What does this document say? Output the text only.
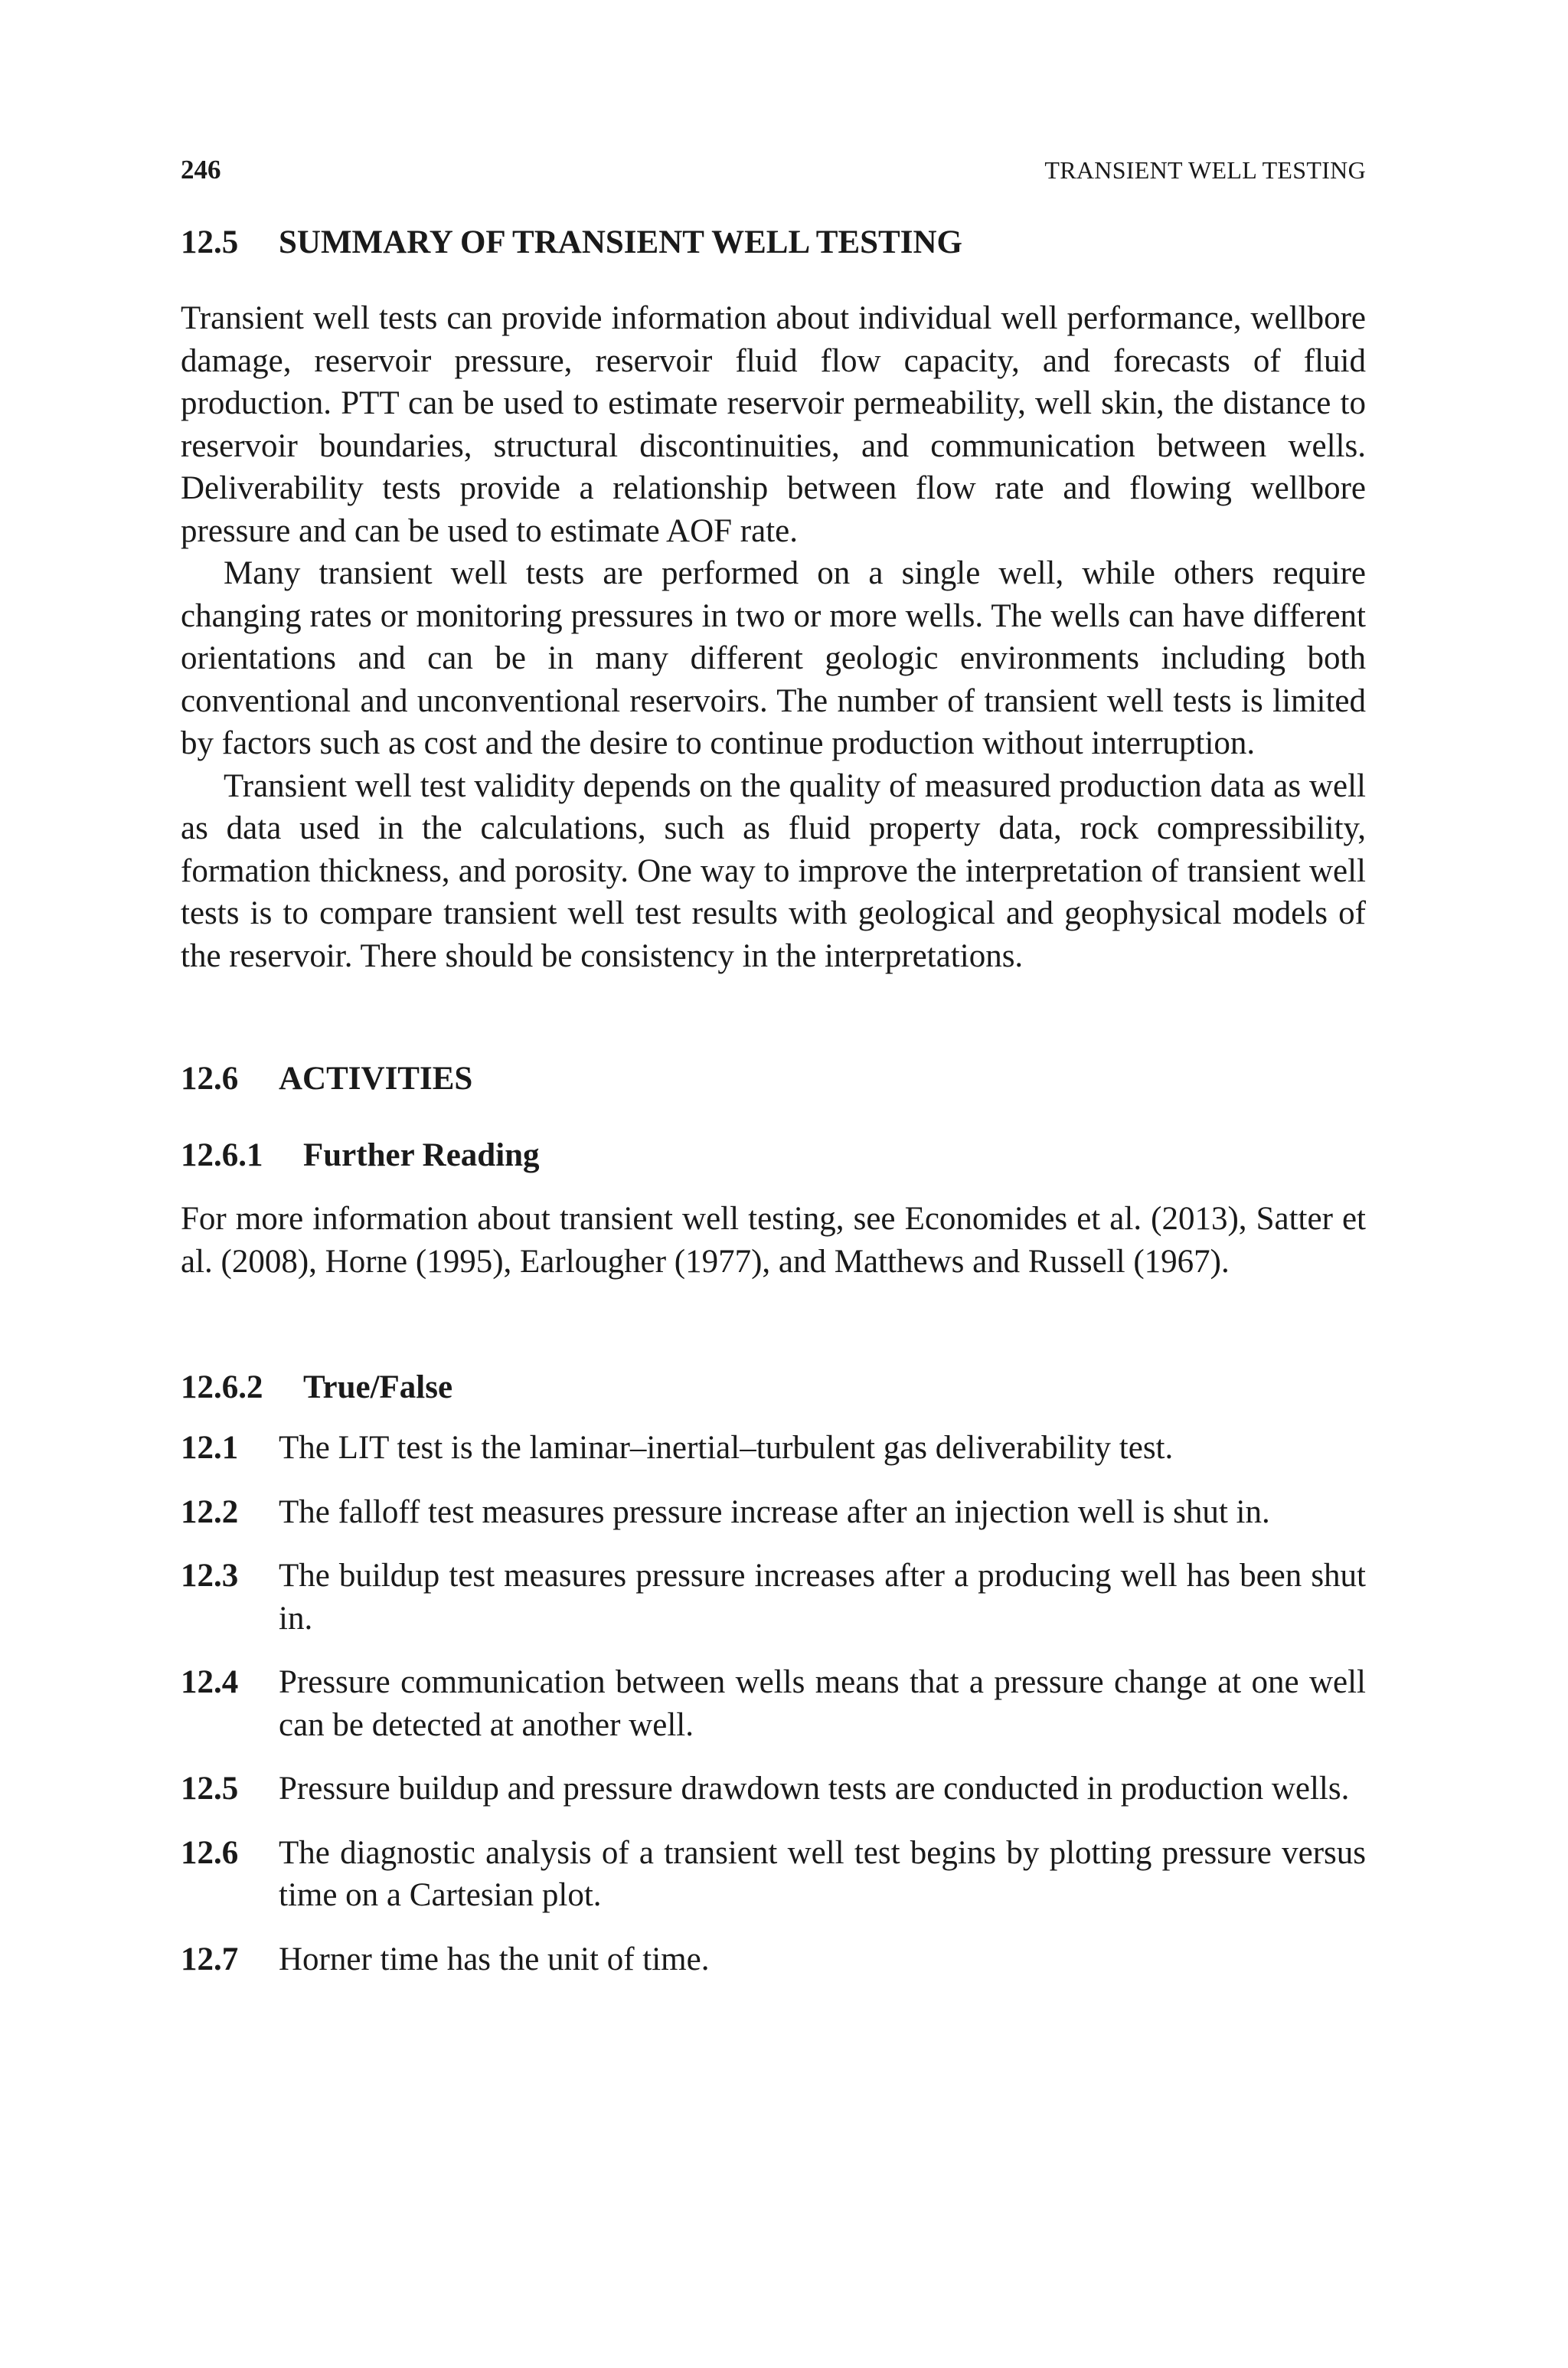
246	TRANSIENT WELL TESTING
12.5	SUMMARY OF TRANSIENT WELL TESTING

Transient well tests can provide information about individual well performance, wellbore damage, reservoir pressure, reservoir fluid flow capacity, and forecasts of fluid production. PTT can be used to estimate reservoir permeability, well skin, the distance to reservoir boundaries, structural discontinuities, and communication between wells. Deliverability tests provide a relationship between flow rate and flowing wellbore pressure and can be used to estimate AOF rate.

Many transient well tests are performed on a single well, while others require changing rates or monitoring pressures in two or more wells. The wells can have different orientations and can be in many different geologic environments including both conventional and unconventional reservoirs. The number of transient well tests is limited by factors such as cost and the desire to continue production without interruption.

Transient well test validity depends on the quality of measured production data as well as data used in the calculations, such as fluid property data, rock compressibility, formation thickness, and porosity. One way to improve the interpretation of transient well tests is to compare transient well test results with geological and geophysical models of the reservoir. There should be consistency in the interpretations.

12.6	ACTIVITIES
12.6.1	Further Reading

For more information about transient well testing, see Economides et al. (2013), Satter et al. (2008), Horne (1995), Earlougher (1977), and Matthews and Russell (1967).

12.6.2	True/False
12.1	The LIT test is the laminar–inertial–turbulent gas deliverability test.
12.2	The falloff test measures pressure increase after an injection well is shut in.
12.3	The buildup test measures pressure increases after a producing well has been shut in.
12.4	Pressure communication between wells means that a pressure change at one well can be detected at another well.
12.5	Pressure buildup and pressure drawdown tests are conducted in production wells.
12.6	The diagnostic analysis of a transient well test begins by plotting pressure versus time on a Cartesian plot.
12.7	Horner time has the unit of time.
